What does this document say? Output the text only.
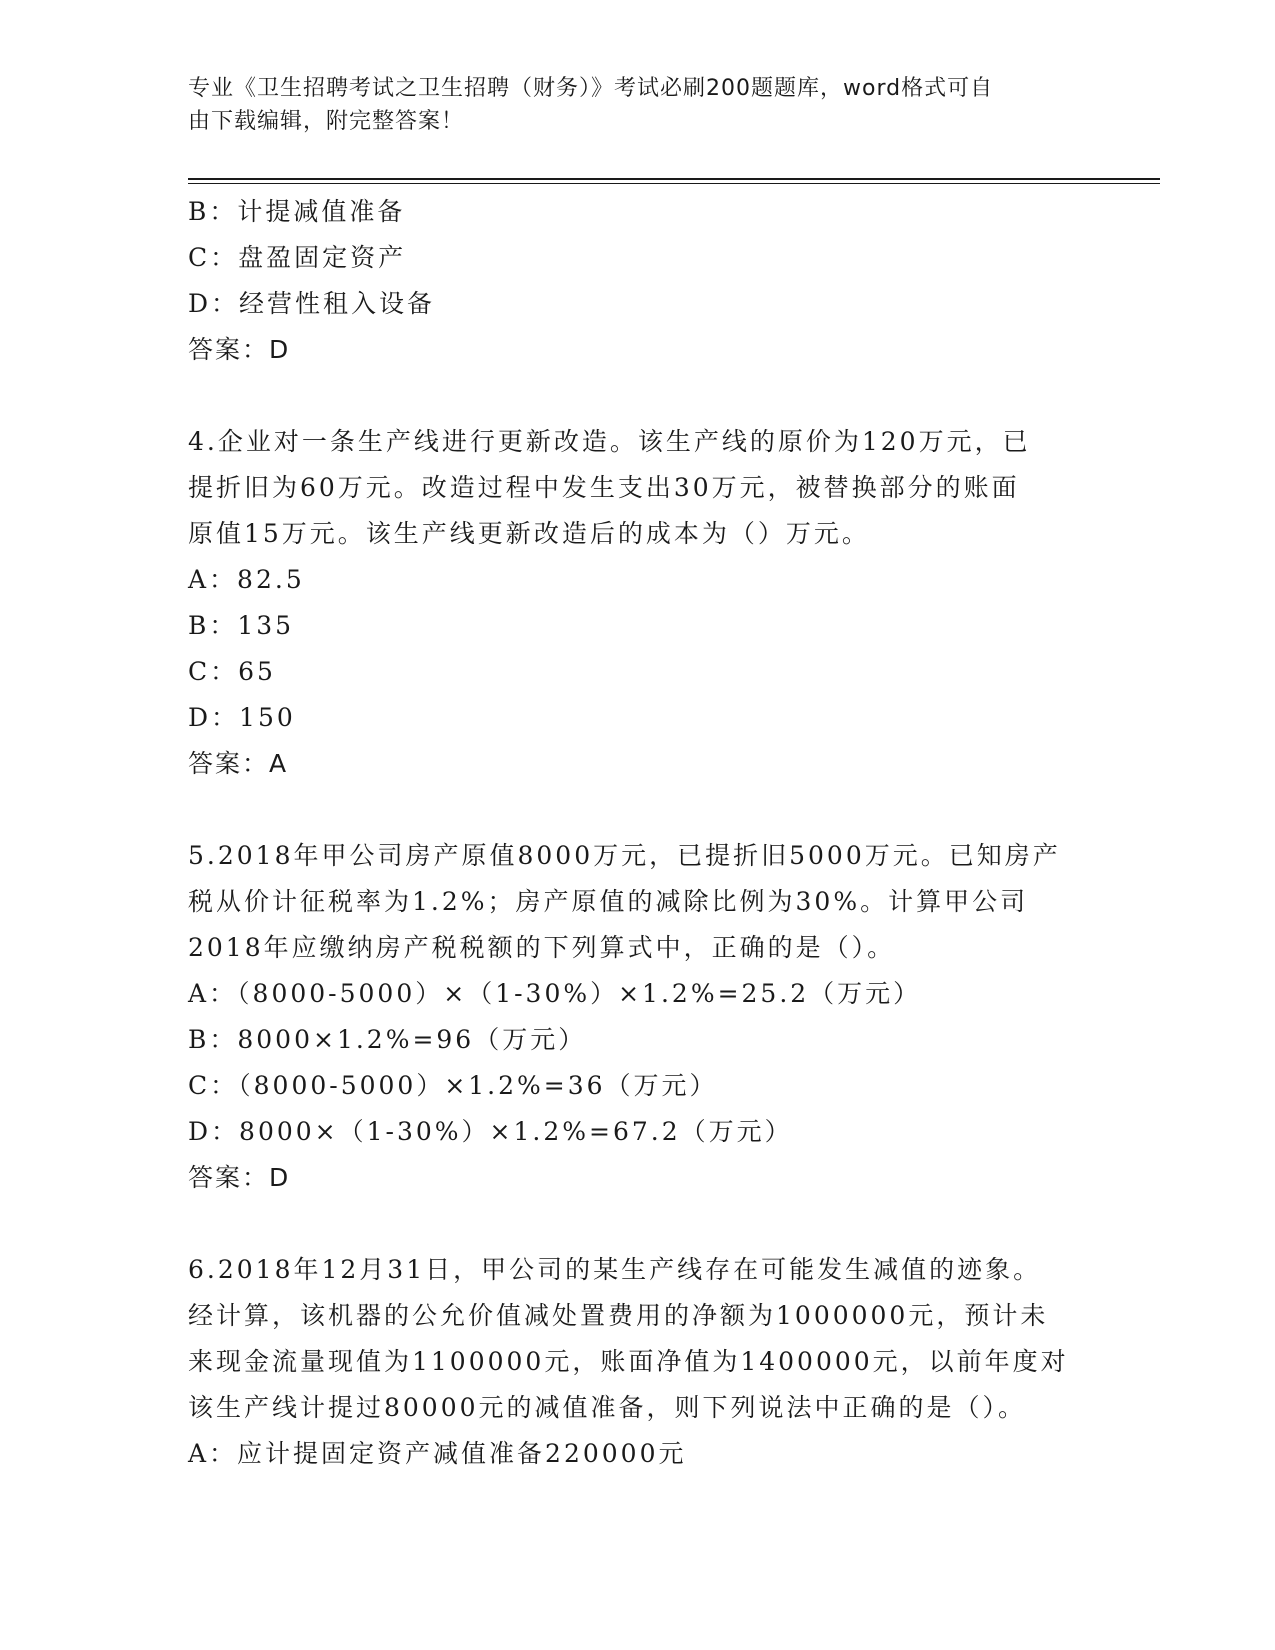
专业《卫生招聘考试之卫生招聘（财务）》考试必刷200题题库，word格式可自
由下载编辑，附完整答案！
B：计提减值准备
C：盘盈固定资产
D：经营性租入设备
答案：D
4.企业对一条生产线进行更新改造。该生产线的原价为120万元，已
提折旧为60万元。改造过程中发生支出30万元，被替换部分的账面
原值15万元。该生产线更新改造后的成本为（）万元。
A：82.5
B：135
C：65
D：150
答案：A
5.2018年甲公司房产原值8000万元，已提折旧5000万元。已知房产
税从价计征税率为1.2%；房产原值的减除比例为30%。计算甲公司
2018年应缴纳房产税税额的下列算式中，正确的是（）。
A：（8000-5000）×（1-30%）×1.2%=25.2（万元）
B：8000×1.2%=96（万元）
C：（8000-5000）×1.2%=36（万元）
D：8000×（1-30%）×1.2%=67.2（万元）
答案：D
6.2018年12月31日，甲公司的某生产线存在可能发生减值的迹象。
经计算，该机器的公允价值减处置费用的净额为1000000元，预计未
来现金流量现值为1100000元，账面净值为1400000元，以前年度对
该生产线计提过80000元的减值准备，则下列说法中正确的是（）。
A：应计提固定资产减值准备220000元
